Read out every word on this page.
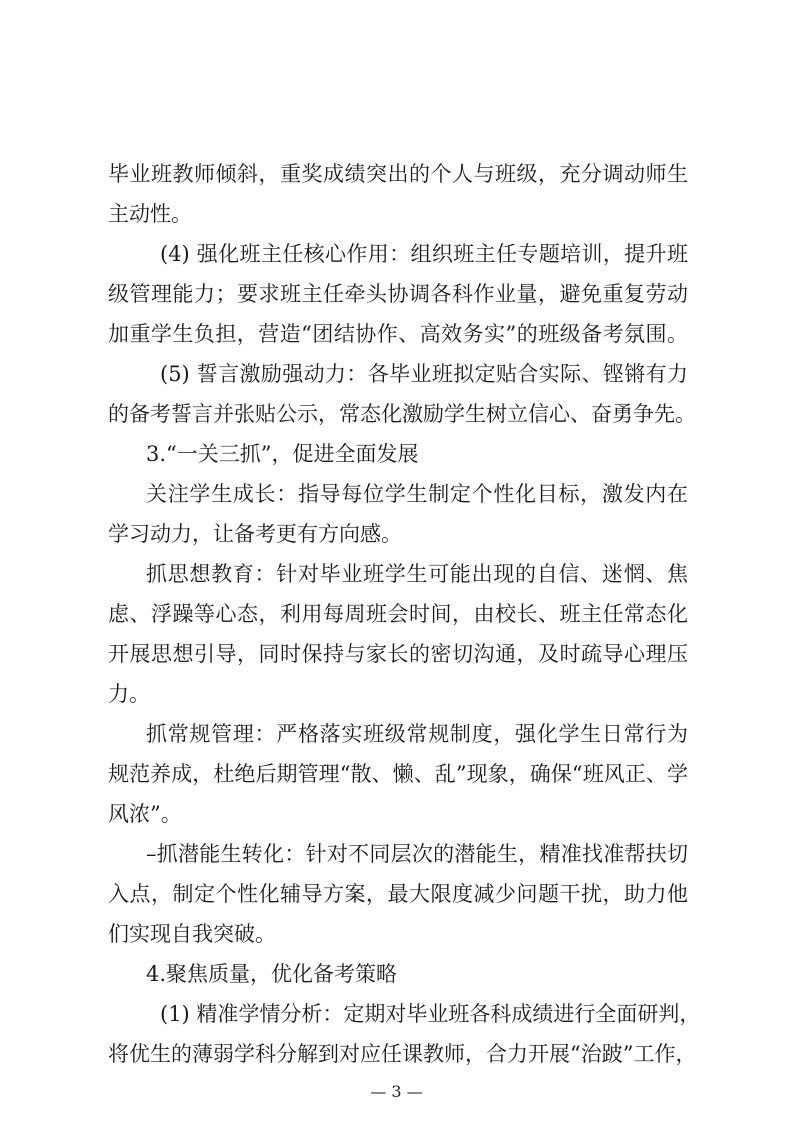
毕业班教师倾斜，重奖成绩突出的个人与班级，充分调动师生
主动性。
(4) 强化班主任核心作用：组织班主任专题培训，提升班
级管理能力；要求班主任牵头协调各科作业量，避免重复劳动
加重学生负担，营造“团结协作、高效务实”的班级备考氛围。
(5) 誓言激励强动力：各毕业班拟定贴合实际、铿锵有力
的备考誓言并张贴公示，常态化激励学生树立信心、奋勇争先。
3.“一关三抓”，促进全面发展
关注学生成长：指导每位学生制定个性化目标，激发内在
学习动力，让备考更有方向感。
抓思想教育：针对毕业班学生可能出现的自信、迷惘、焦
虑、浮躁等心态，利用每周班会时间，由校长、班主任常态化
开展思想引导，同时保持与家长的密切沟通，及时疏导心理压
力。
抓常规管理：严格落实班级常规制度，强化学生日常行为
规范养成，杜绝后期管理“散、懒、乱”现象，确保“班风正、学
风浓”。
–抓潜能生转化：针对不同层次的潜能生，精准找准帮扶切
入点，制定个性化辅导方案，最大限度减少问题干扰，助力他
们实现自我突破。
4.聚焦质量，优化备考策略
(1) 精准学情分析：定期对毕业班各科成绩进行全面研判，
将优生的薄弱学科分解到对应任课教师，合力开展“治跛”工作，
— 3 —
